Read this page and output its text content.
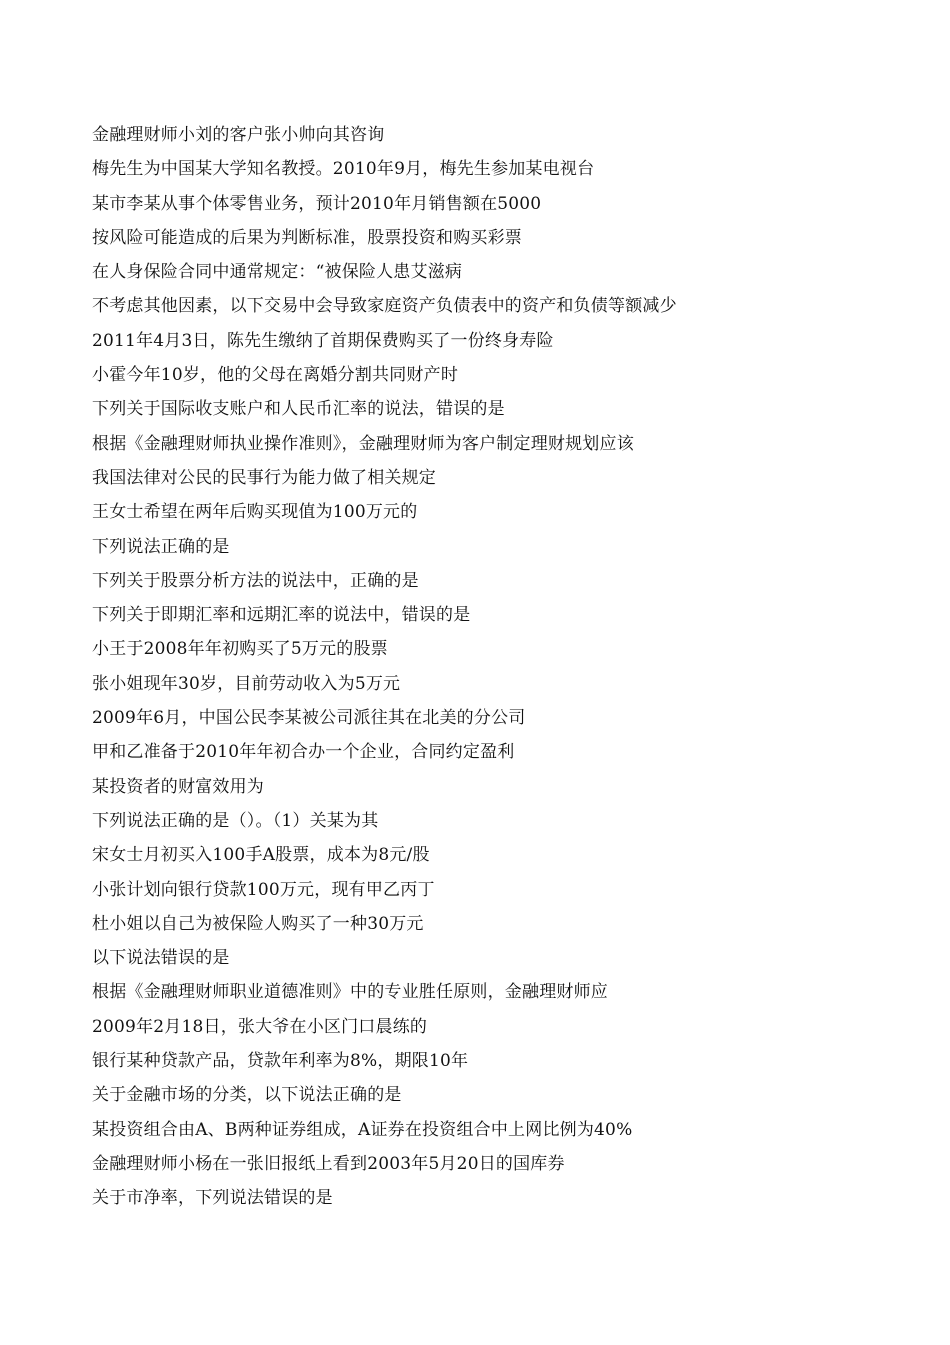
金融理财师小刘的客户张小帅向其咨询
梅先生为中国某大学知名教授。2010年9月，梅先生参加某电视台
某市李某从事个体零售业务，预计2010年月销售额在5000
按风险可能造成的后果为判断标准，股票投资和购买彩票
在人身保险合同中通常规定：“被保险人患艾滋病
不考虑其他因素，以下交易中会导致家庭资产负债表中的资产和负债等额减少
2011年4月3日，陈先生缴纳了首期保费购买了一份终身寿险
小霍今年10岁，他的父母在离婚分割共同财产时
下列关于国际收支账户和人民币汇率的说法，错误的是
根据《金融理财师执业操作准则》，金融理财师为客户制定理财规划应该
我国法律对公民的民事行为能力做了相关规定
王女士希望在两年后购买现值为100万元的
下列说法正确的是
下列关于股票分析方法的说法中，正确的是
下列关于即期汇率和远期汇率的说法中，错误的是
小王于2008年年初购买了5万元的股票
张小姐现年30岁，目前劳动收入为5万元
2009年6月，中国公民李某被公司派往其在北美的分公司
甲和乙准备于2010年年初合办一个企业，合同约定盈利
某投资者的财富效用为
下列说法正确的是（）。（1）关某为其
宋女士月初买入100手A股票，成本为8元/股
小张计划向银行贷款100万元，现有甲乙丙丁
杜小姐以自己为被保险人购买了一种30万元
以下说法错误的是
根据《金融理财师职业道德准则》中的专业胜任原则，金融理财师应
2009年2月18日，张大爷在小区门口晨练的
银行某种贷款产品，贷款年利率为8%，期限10年
关于金融市场的分类，以下说法正确的是
某投资组合由A、B两种证券组成，A证券在投资组合中上网比例为40%
金融理财师小杨在一张旧报纸上看到2003年5月20日的国库券
关于市净率，下列说法错误的是
